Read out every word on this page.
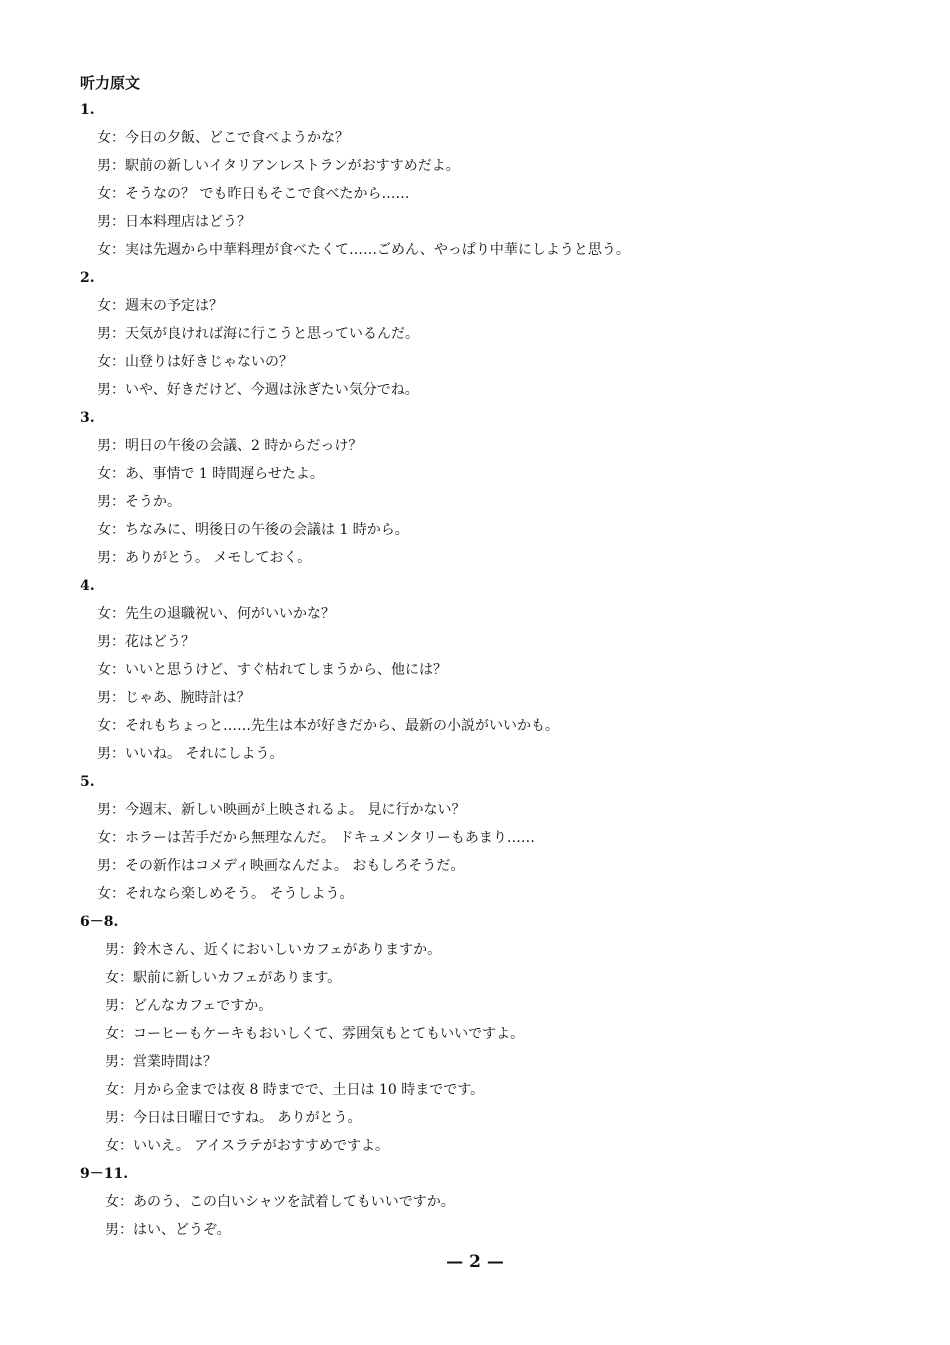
听力原文
1.
女：今日の夕飯、どこで食べようかな？
男：駅前の新しいイタリアンレストランがおすすめだよ。
女：そうなの？ でも昨日もそこで食べたから……
男：日本料理店はどう？
女：実は先週から中華料理が食べたくて……ごめん、やっぱり中華にしようと思う。
2.
女：週末の予定は？
男：天気が良ければ海に行こうと思っているんだ。
女：山登りは好きじゃないの？
男：いや、好きだけど、今週は泳ぎたい気分でね。
3.
男：明日の午後の会議、2 時からだっけ？
女：あ、事情で 1 時間遅らせたよ。
男：そうか。
女：ちなみに、明後日の午後の会議は 1 時から。
男：ありがとう。 メモしておく。
4.
女：先生の退職祝い、何がいいかな？
男：花はどう？
女：いいと思うけど、すぐ枯れてしまうから、他には？
男：じゃあ、腕時計は？
女：それもちょっと……先生は本が好きだから、最新の小説がいいかも。
男：いいね。 それにしよう。
5.
男：今週末、新しい映画が上映されるよ。 見に行かない？
女：ホラーは苦手だから無理なんだ。 ドキュメンタリーもあまり……
男：その新作はコメディ映画なんだよ。 おもしろそうだ。
女：それなら楽しめそう。 そうしよう。
6－8.
男：鈴木さん、近くにおいしいカフェがありますか。
女：駅前に新しいカフェがあります。
男：どんなカフェですか。
女：コーヒーもケーキもおいしくて、雰囲気もとてもいいですよ。
男：営業時間は？
女：月から金までは夜 8 時までで、土日は 10 時までです。
男：今日は日曜日ですね。 ありがとう。
女：いいえ。 アイスラテがおすすめですよ。
9－11.
女：あのう、この白いシャツを試着してもいいですか。
男：はい、どうぞ。
— 2 —
